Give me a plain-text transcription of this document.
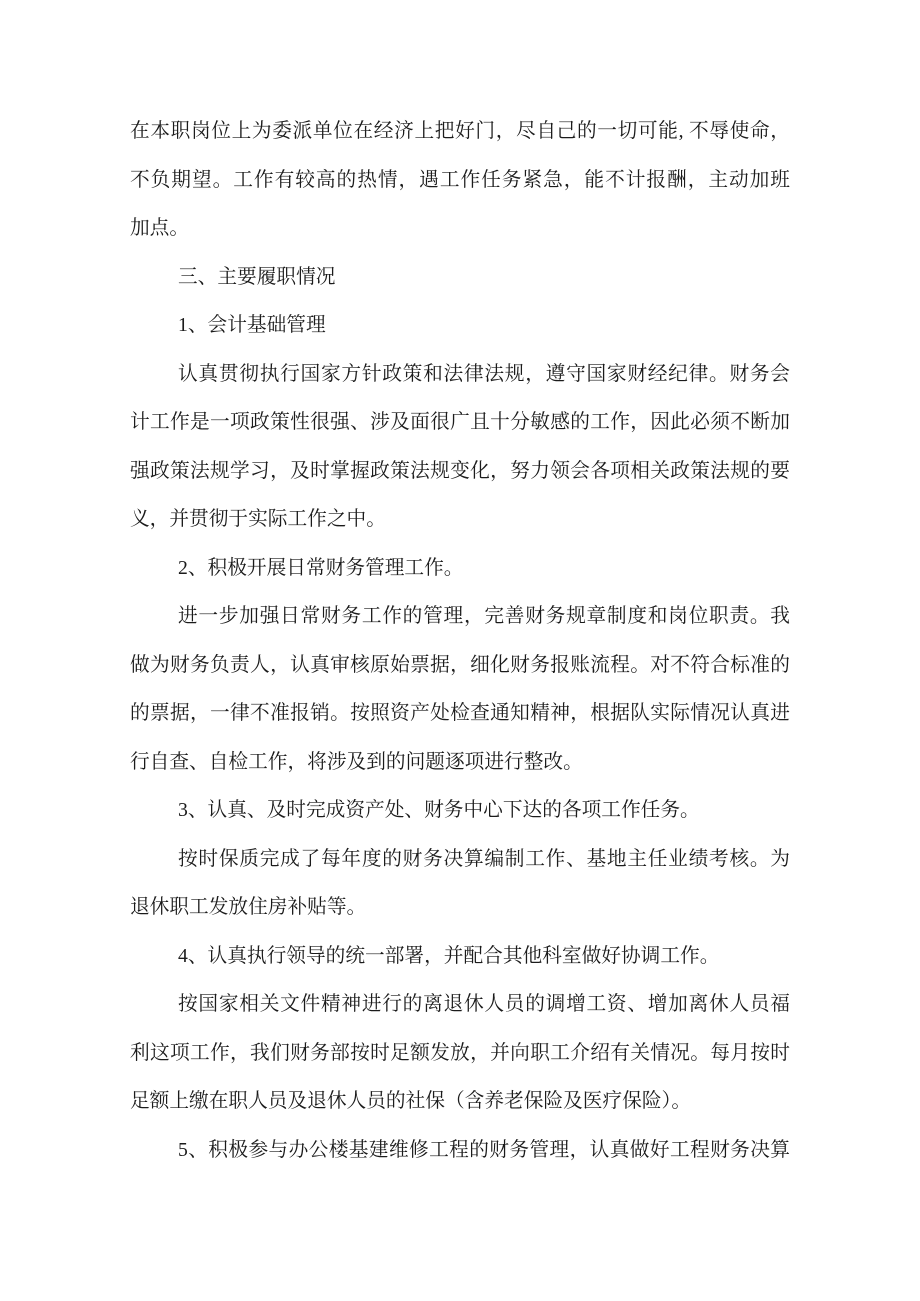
在本职岗位上为委派单位在经济上把好门，尽自己的一切可能, 不辱使命，
不负期望。工作有较高的热情，遇工作任务紧急，能不计报酬，主动加班
加点。
三、主要履职情况
1、会计基础管理
认真贯彻执行国家方针政策和法律法规，遵守国家财经纪律。财务会
计工作是一项政策性很强、涉及面很广且十分敏感的工作，因此必须不断加
强政策法规学习，及时掌握政策法规变化，努力领会各项相关政策法规的要
义，并贯彻于实际工作之中。
2、积极开展日常财务管理工作。
进一步加强日常财务工作的管理，完善财务规章制度和岗位职责。我
做为财务负责人，认真审核原始票据，细化财务报账流程。对不符合标准的
的票据，一律不准报销。按照资产处检查通知精神，根据队实际情况认真进
行自查、自检工作，将涉及到的问题逐项进行整改。
3、认真、及时完成资产处、财务中心下达的各项工作任务。
按时保质完成了每年度的财务决算编制工作、基地主任业绩考核。为
退休职工发放住房补贴等。
4、认真执行领导的统一部署，并配合其他科室做好协调工作。
按国家相关文件精神进行的离退休人员的调增工资、增加离休人员福
利这项工作，我们财务部按时足额发放，并向职工介绍有关情况。每月按时
足额上缴在职人员及退休人员的社保（含养老保险及医疗保险）。
5、积极参与办公楼基建维修工程的财务管理，认真做好工程财务决算
